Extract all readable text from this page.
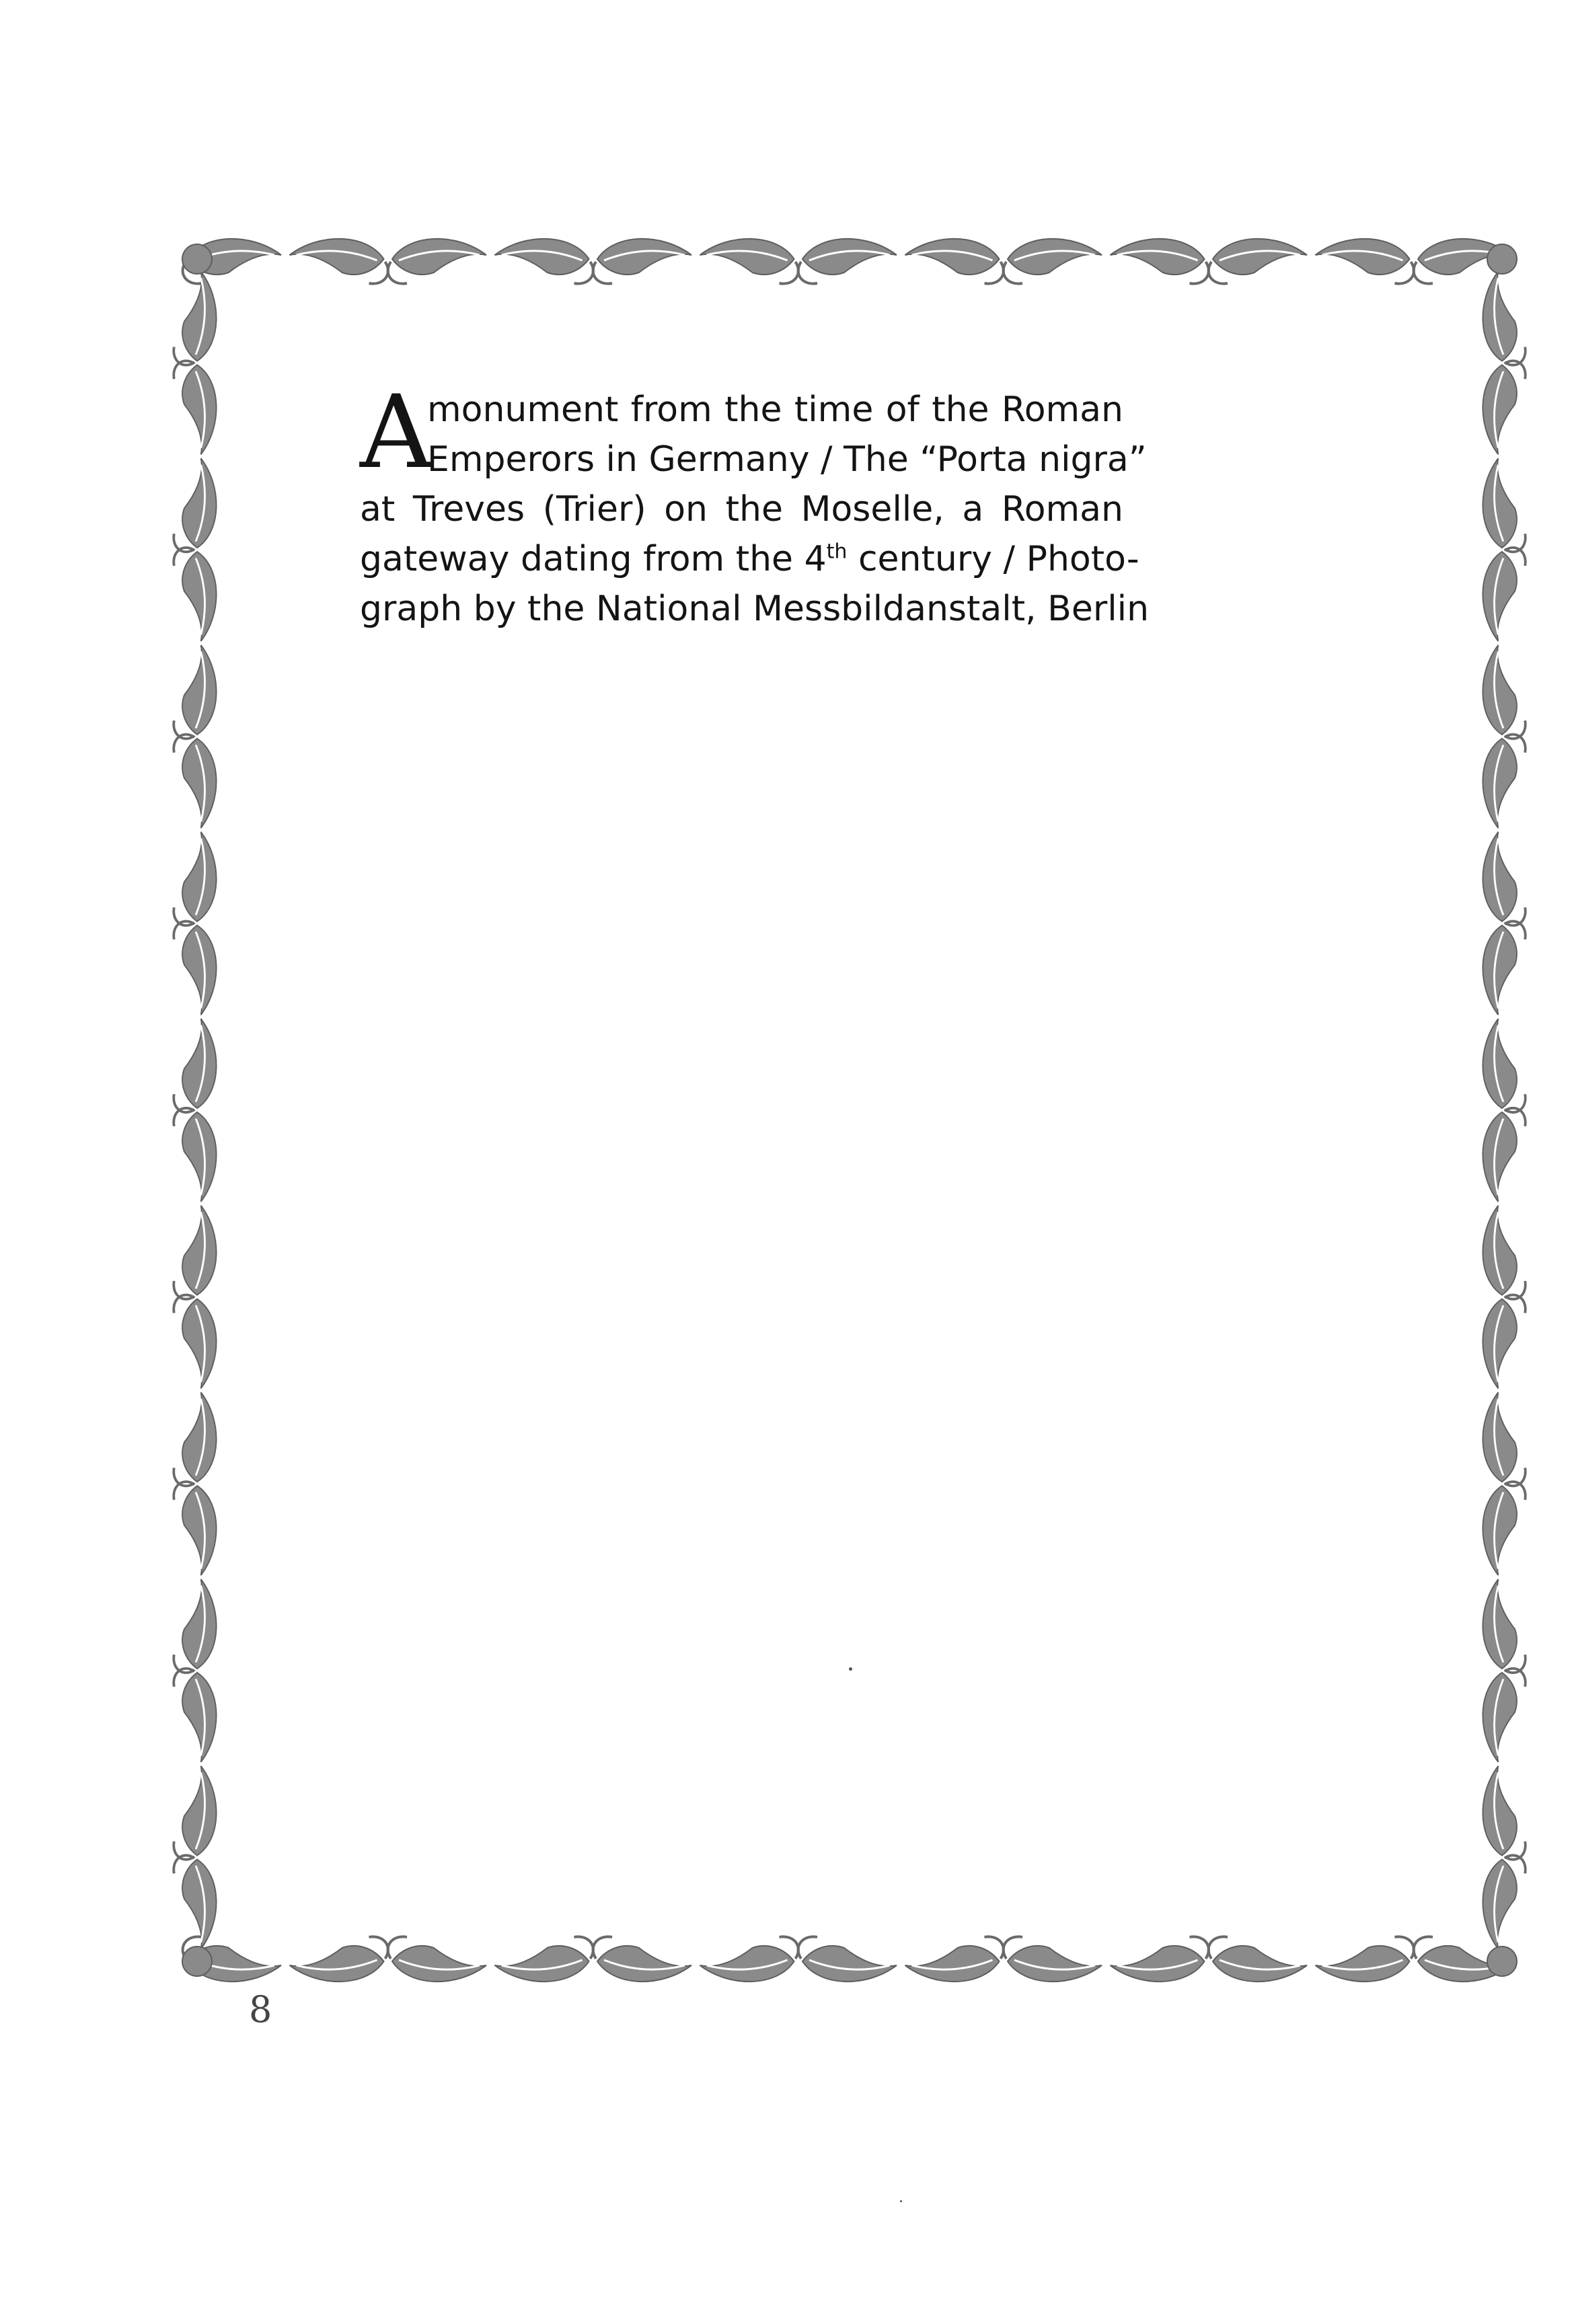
A
monument from the time of the Roman
Emperors in Germany / The “Porta nigra”
at Treves (Trier) on the Moselle, a Roman
gateway dating from the 4th century / Photo-
graph by the National Messbildanstalt, Berlin
8
